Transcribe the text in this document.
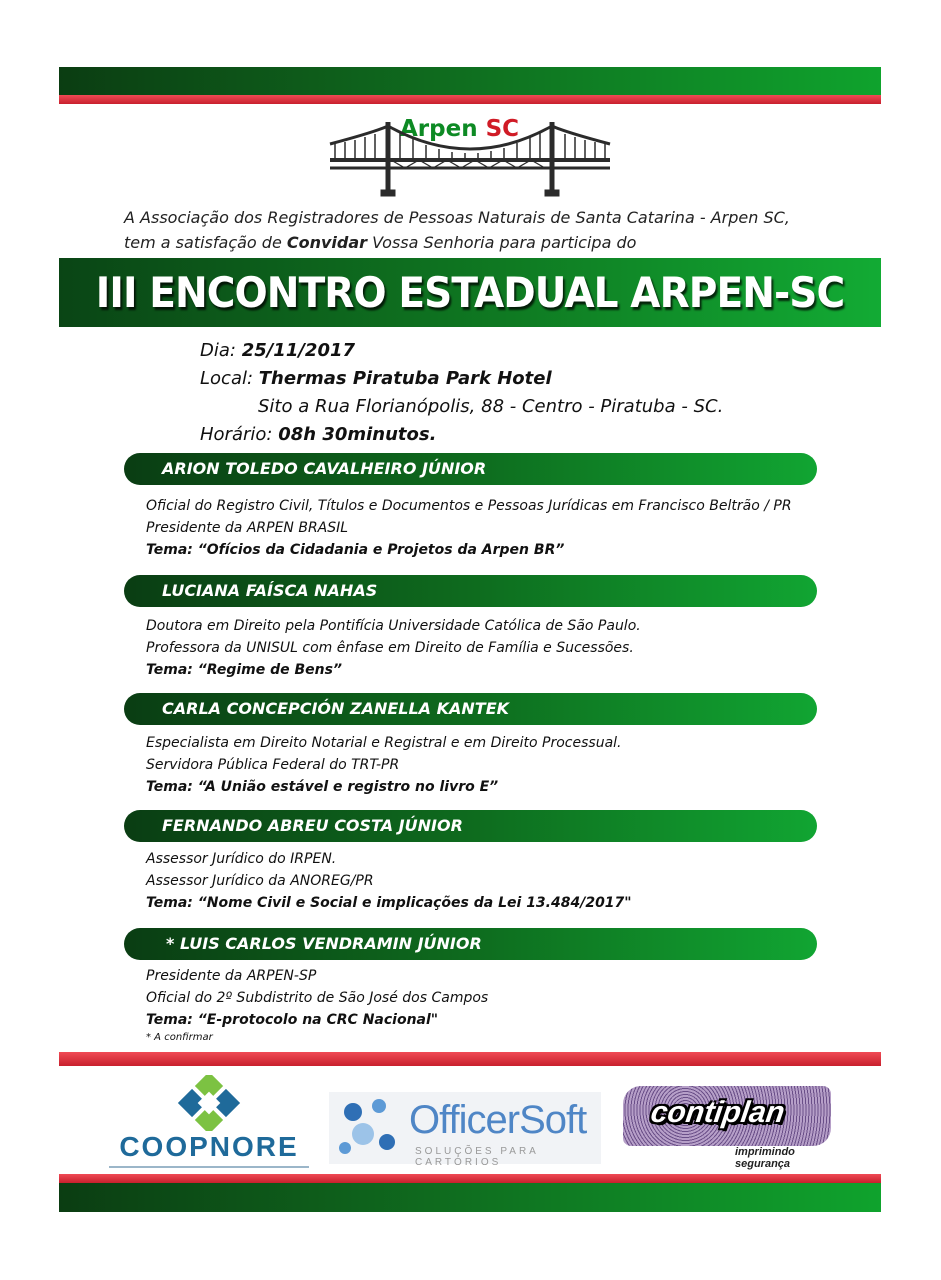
Arpen SC
A Associação dos Registradores de Pessoas Naturais de Santa Catarina - Arpen SC,
tem a satisfação de Convidar Vossa Senhoria para participa do
III ENCONTRO ESTADUAL ARPEN-SC
Dia: 25/11/2017
Local: Thermas Piratuba Park Hotel
Sito a Rua Florianópolis, 88 - Centro - Piratuba - SC.
Horário: 08h 30minutos.
ARION TOLEDO CAVALHEIRO JÚNIOR
Oficial do Registro Civil, Títulos e Documentos e Pessoas Jurídicas em Francisco Beltrão / PR
Presidente da ARPEN BRASIL
Tema: “Ofícios da Cidadania e Projetos da Arpen BR”
LUCIANA FAÍSCA NAHAS
Doutora em Direito pela Pontifícia Universidade Católica de São Paulo.
Professora da UNISUL com ênfase em Direito de Família e Sucessões.
Tema: “Regime de Bens”
CARLA CONCEPCIÓN ZANELLA KANTEK
Especialista em Direito Notarial e Registral e em Direito Processual.
Servidora Pública Federal do TRT-PR
Tema: “A União estável e registro no livro E”
FERNANDO ABREU COSTA JÚNIOR
Assessor Jurídico do IRPEN.
Assessor Jurídico da ANOREG/PR
Tema: “Nome Civil e Social e implicações da Lei 13.484/2017"
* LUIS CARLOS VENDRAMIN JÚNIOR
Presidente da ARPEN-SP
Oficial do 2º Subdistrito de São José dos Campos
Tema: “E-protocolo na CRC Nacional"
* A confirmar
COOPNORE
OfficerSoft
SOLUÇÕES PARA CARTÓRIOS
contiplan
imprimindo segurança
